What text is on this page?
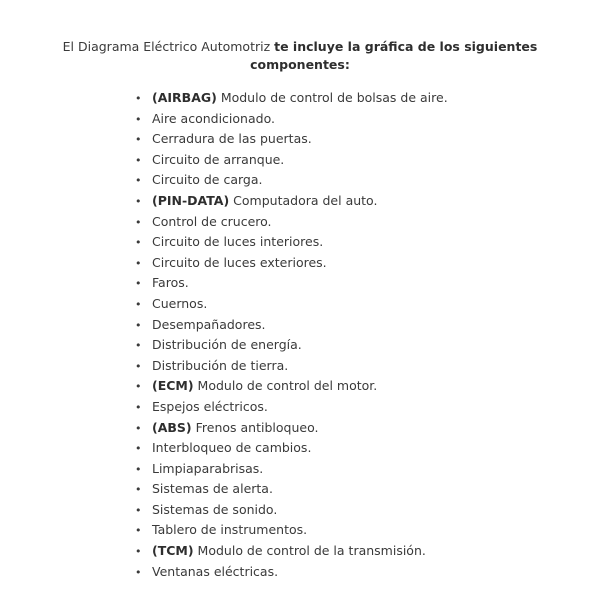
El Diagrama Eléctrico Automotriz te incluye la gráfica de los siguientes
componentes:
• (AIRBAG) Modulo de control de bolsas de aire.
• Aire acondicionado.
• Cerradura de las puertas.
• Circuito de arranque.
• Circuito de carga.
• (PIN-DATA) Computadora del auto.
• Control de crucero.
• Circuito de luces interiores.
• Circuito de luces exteriores.
• Faros.
• Cuernos.
• Desempañadores.
• Distribución de energía.
• Distribución de tierra.
• (ECM) Modulo de control del motor.
• Espejos eléctricos.
• (ABS) Frenos antibloqueo.
• Interbloqueo de cambios.
• Limpiaparabrisas.
• Sistemas de alerta.
• Sistemas de sonido.
• Tablero de instrumentos.
• (TCM) Modulo de control de la transmisión.
• Ventanas eléctricas.
